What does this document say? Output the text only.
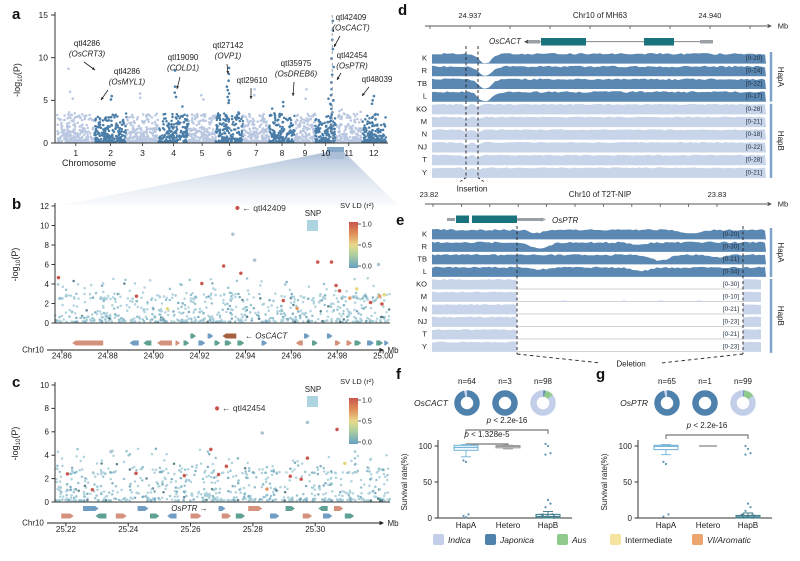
a
b
c
d
e
f	g
1	2	3	4	5	6	7 8 9 10 11 12
0
5
10
15
$-\log_{10}(P)$
Chromosome
qtl4286
(OsCRT3)
qtl4286
(OsMYL1)
qtl19090
(COLD1)
qtl27142
(OVP1)
qtl29610
qtl35975
(OsDREB6)
qtl42409
(OsCACT)
qtl42454
(OsPTR)
qtl48039
← qtl42409
0
2
4
6
8
10
12
$-\log_{10}(P)$
SV LD (r²)
SNP
1.0
0.5
0.0
← OsCACT
Chr10	Mb
24.86	24.88	24.90	24.92	24.94	24.96	24.98	25.00
← qtl42454
0
2
4
6
8
10
$-\log_{10}(P)$
SV LD (r²)
SNP
1.0
0.5
0.0
OsPTR →
Chr10	Mb
25.22	25.24	25.26	25.28	25.30
Mb
24.937	Chr10 of MH63	24.940
OsCACT
K	[0-20]
R	[0-24]
TB	[0-22]
L	[0-17]
KO	[0-28]
M	[0-21]
N	[0-18]
NJ	[0-22]
T	[0-28]
Y	[0-21]
Insertion
HapA
HapB
Mb
23.82	Chr10 of T2T-NIP	23.83
OsPTR
K	[0-20]
R	[0-30]
TB	[0-21]
L	[0-34]
KO	[0-30]
M	[0-10]
N	[0-21]
NJ	[0-23]
T	[0-21]
Y	[0-23]
Deletion
HapA
HapB
n=64	n=3	n=98
OsCACT
p < 2.2e-16
p < 1.328e-5
0
50
100
Survival rate(%)
HapA Hetero HapB
n=65	n=1	n=99
OsPTR
p < 2.2e-16
0
50
100
Survival rate(%)
HapA Hetero HapB
Indica	Japonica	Aus	Intermediate	VI/Aromatic
